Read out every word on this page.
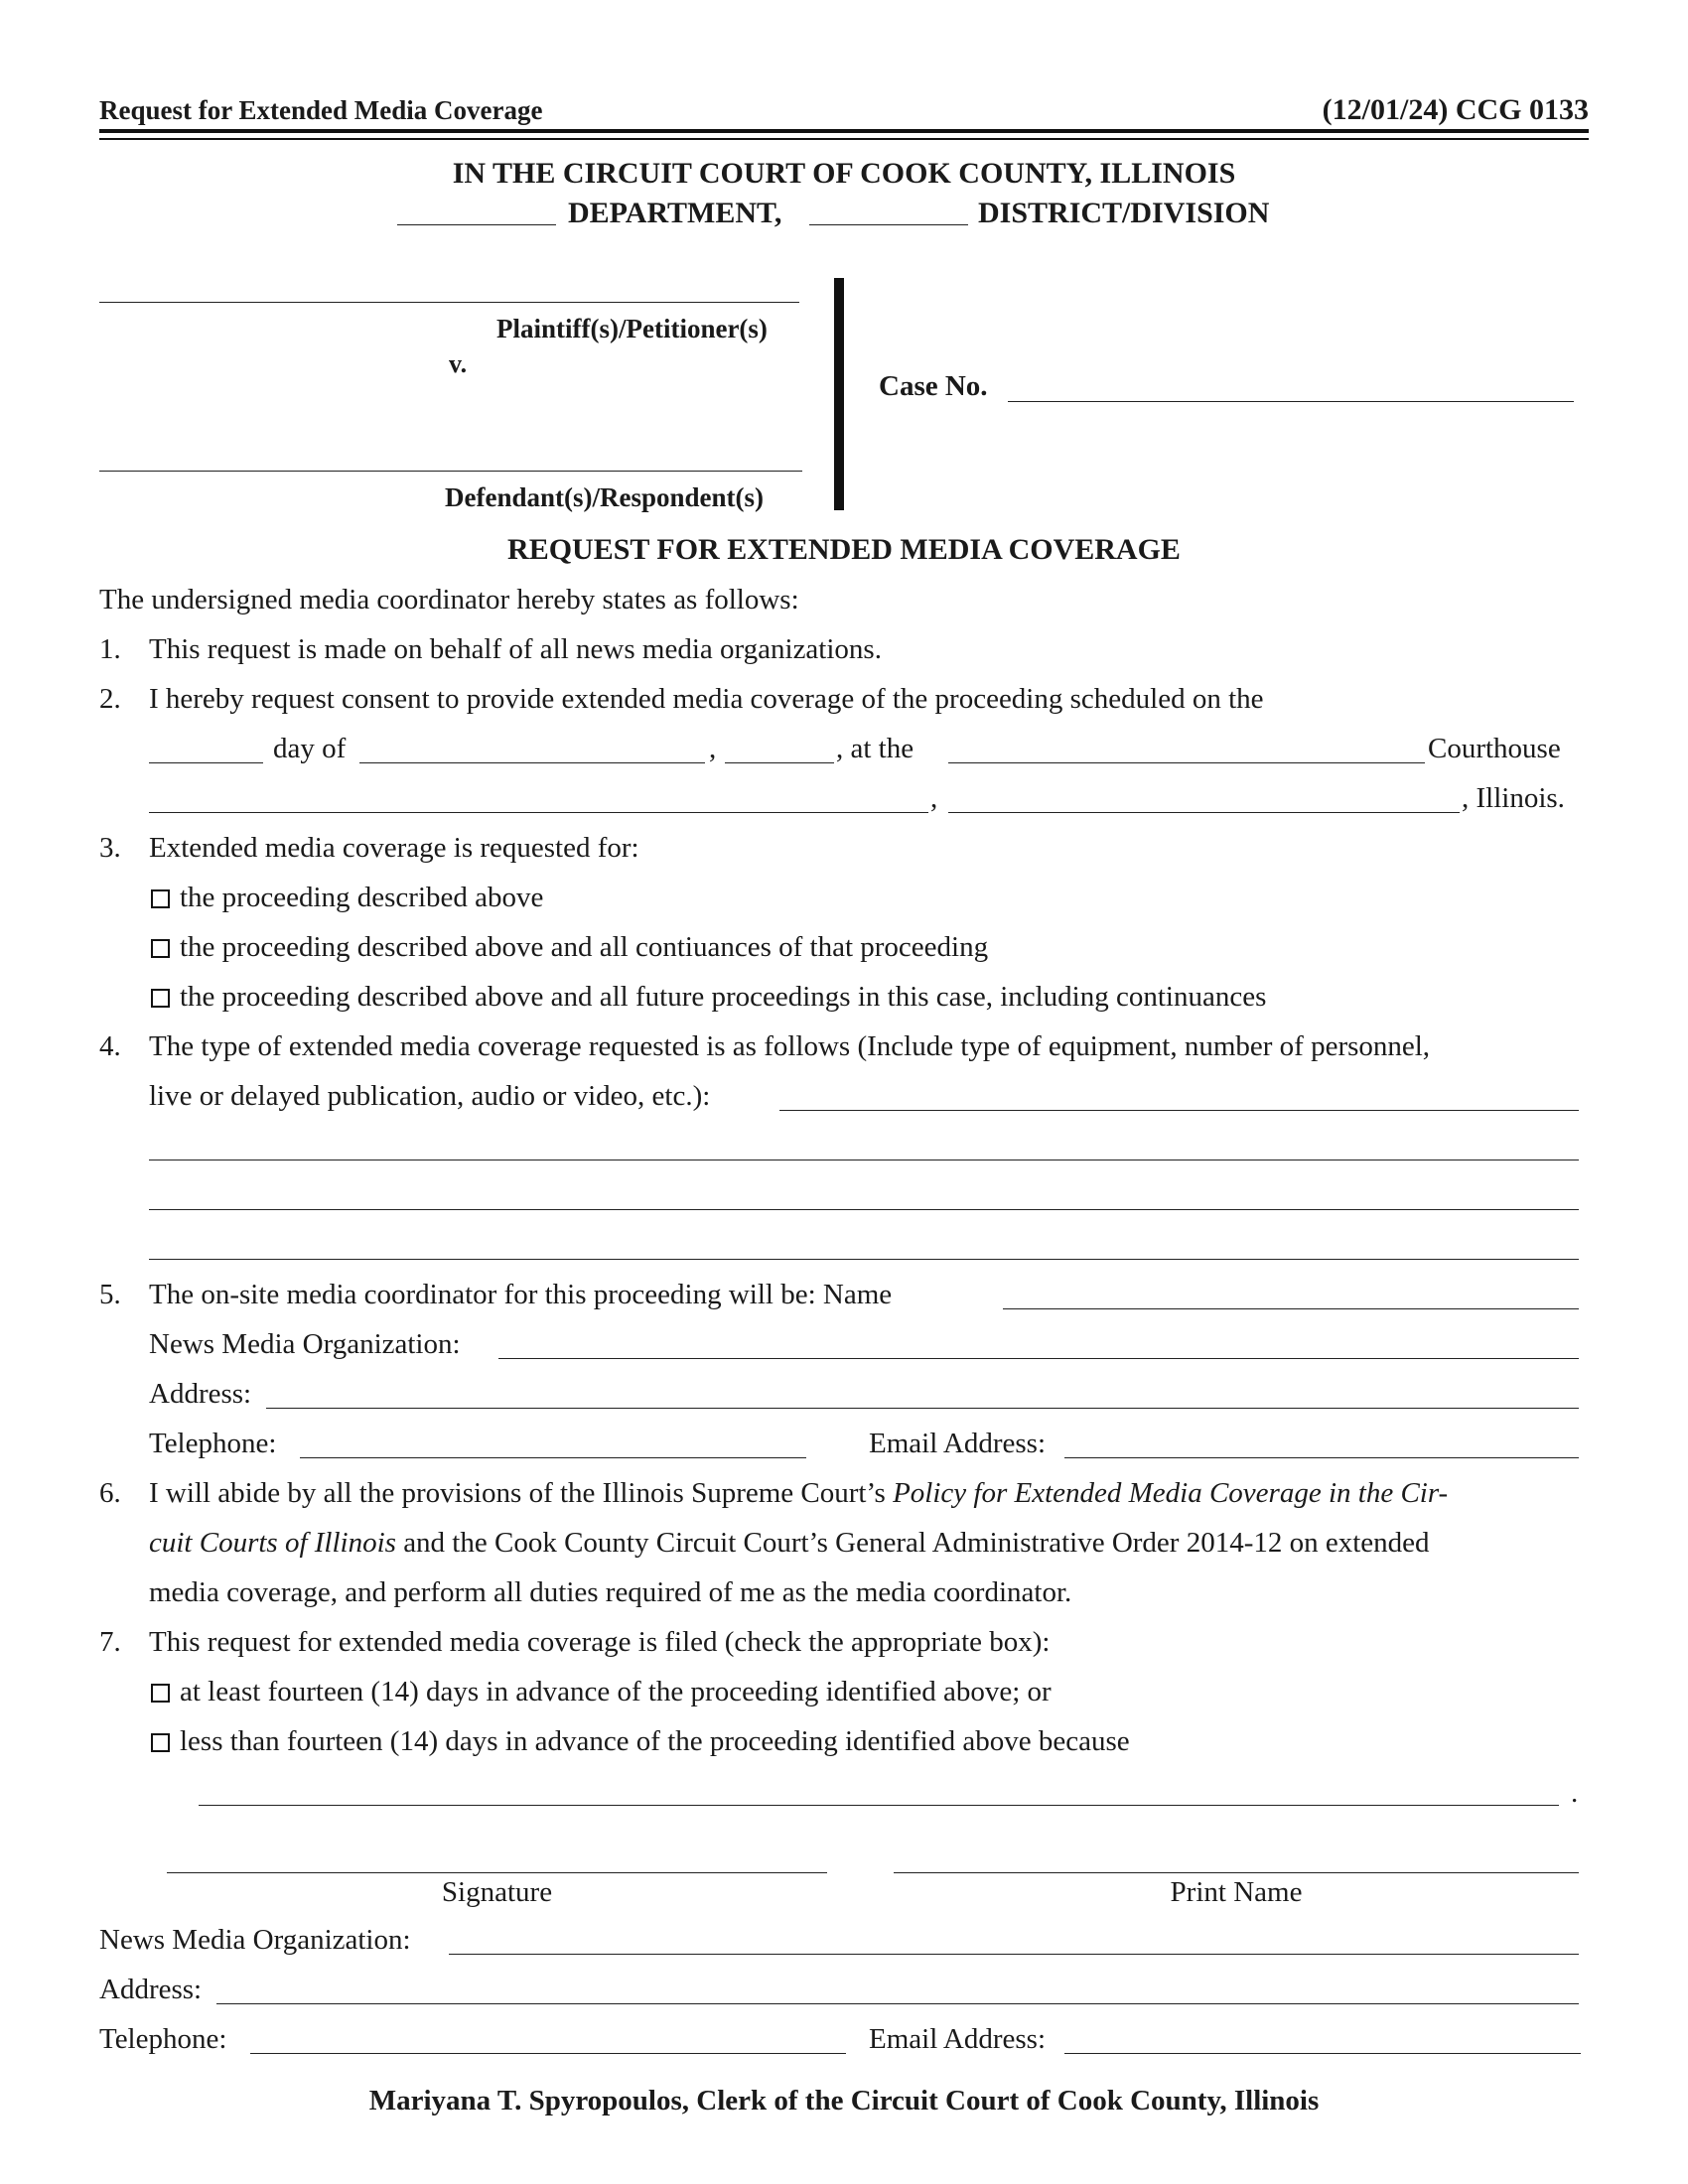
Request for Extended Media Coverage	(12/01/24) CCG 0133
IN THE CIRCUIT COURT OF COOK COUNTY, ILLINOIS
DEPARTMENT,	DISTRICT/DIVISION
Plaintiff(s)/Petitioner(s)
v.
Defendant(s)/Respondent(s)
Case No.
REQUEST FOR EXTENDED MEDIA COVERAGE
The undersigned media coordinator hereby states as follows:
1. This request is made on behalf of all news media organizations.
2. I hereby request consent to provide extended media coverage of the proceeding scheduled on the
day of	,	, at the	Courthouse
,	, Illinois.
3. Extended media coverage is requested for:
the proceeding described above
the proceeding described above and all contiuances of that proceeding
the proceeding described above and all future proceedings in this case, including continuances
4. The type of extended media coverage requested is as follows (Include type of equipment, number of personnel,
live or delayed publication, audio or video, etc.):
5. The on-site media coordinator for this proceeding will be: Name
News Media Organization:
Address:
Telephone:	Email Address:
6. I will abide by all the provisions of the Illinois Supreme Court’s Policy for Extended Media Coverage in the Cir-
cuit Courts of Illinois and the Cook County Circuit Court’s General Administrative Order 2014-12 on extended
media coverage, and perform all duties required of me as the media coordinator.
7. This request for extended media coverage is filed (check the appropriate box):
at least fourteen (14) days in advance of the proceeding identified above; or
less than fourteen (14) days in advance of the proceeding identified above because
.
Signature	Print Name
News Media Organization:
Address:
Telephone:	Email Address:
Mariyana T. Spyropoulos, Clerk of the Circuit Court of Cook County, Illinois
